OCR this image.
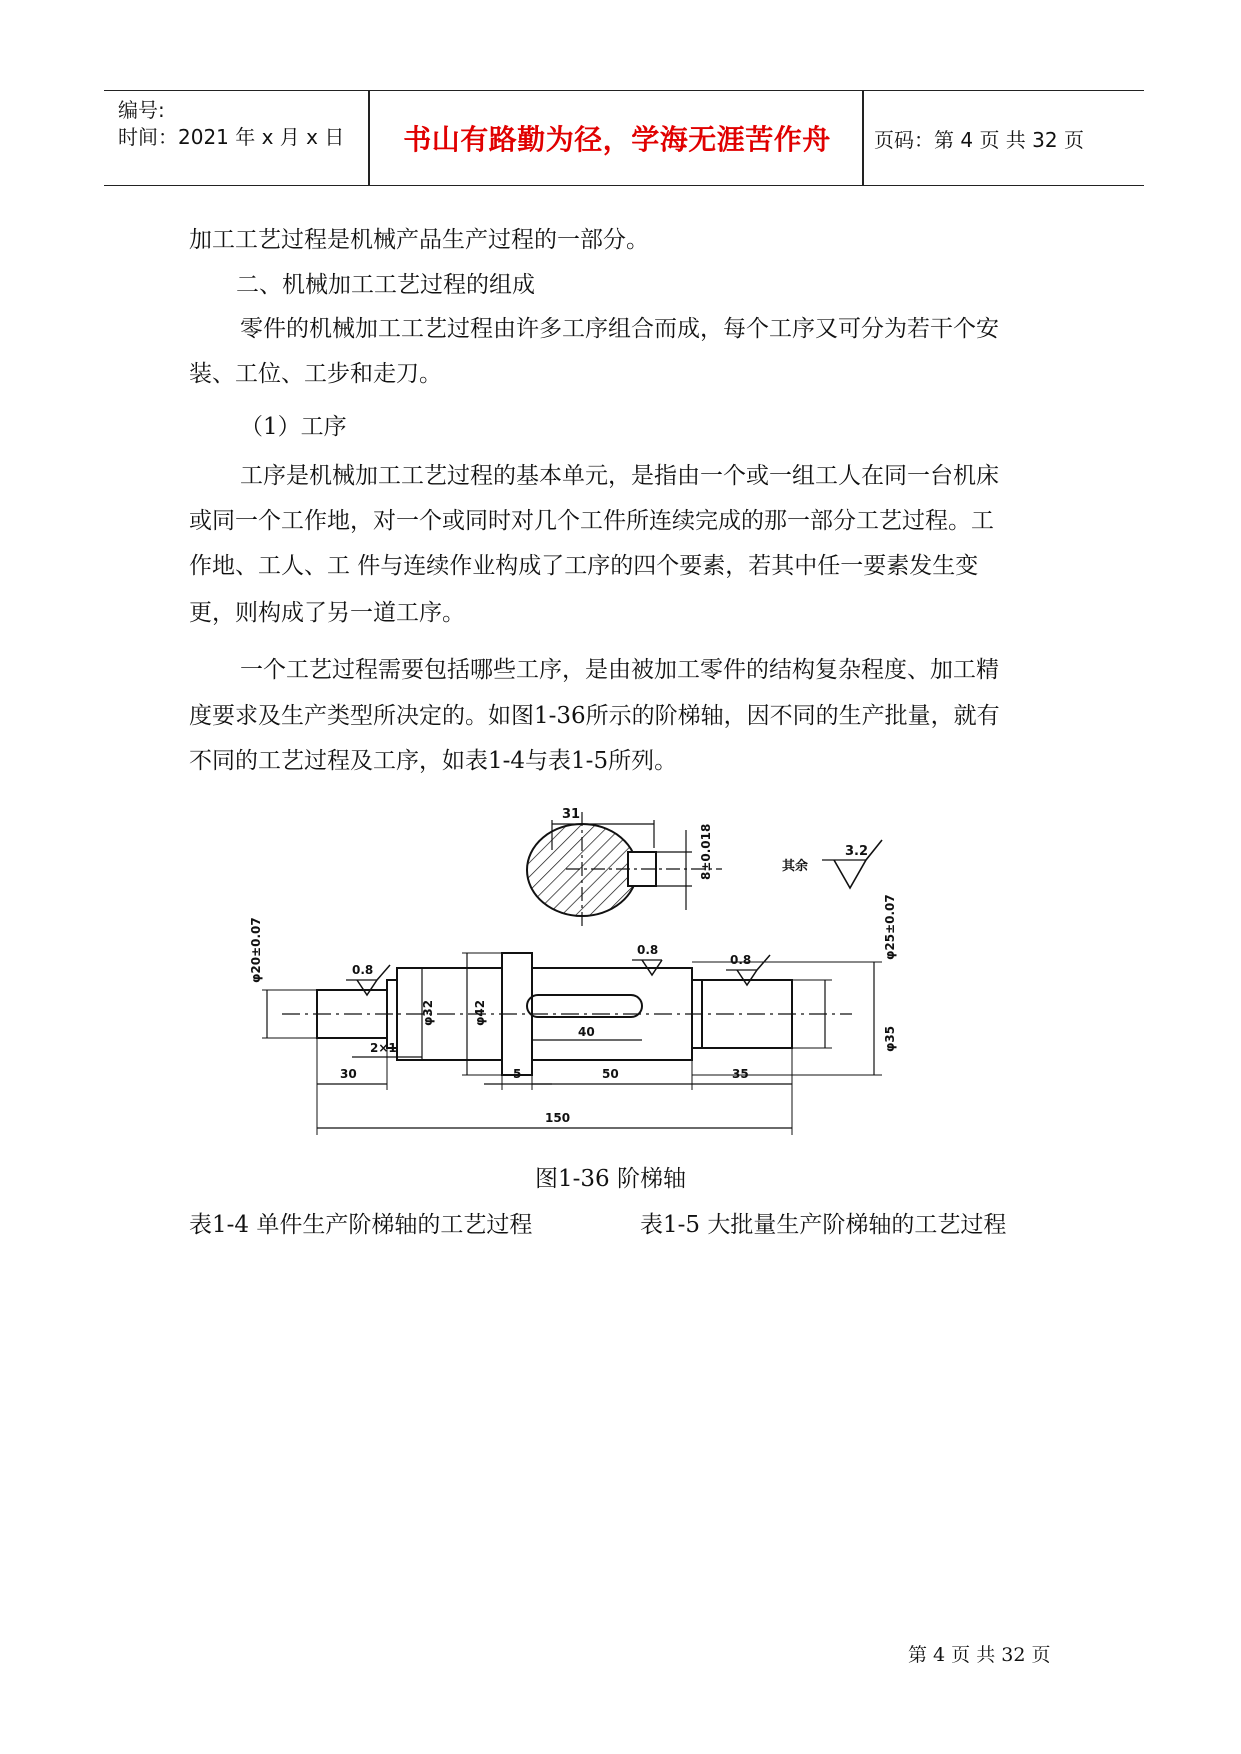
编号:
时间：2021 年 x 月 x 日	书山有路勤为径，学海无涯苦作舟	页码：第 4 页 共 32 页
加工工艺过程是机械产品生产过程的一部分。
二、机械加工工艺过程的组成
零件的机械加工工艺过程由许多工序组合而成，每个工序又可分为若干个安
装、工位、工步和走刀。
（1）工序
工序是机械加工工艺过程的基本单元，是指由一个或一组工人在同一台机床
或同一个工作地，对一个或同时对几个工件所连续完成的那一部分工艺过程。工
作地、工人、工 件与连续作业构成了工序的四个要素，若其中任一要素发生变
更，则构成了另一道工序。
一个工艺过程需要包括哪些工序，是由被加工零件的结构复杂程度、加工精
度要求及生产类型所决定的。如图1-36所示的阶梯轴，因不同的生产批量，就有
不同的工艺过程及工序，如表1-4与表1-5所列。
31
8±0.018	其余
3.2
0.8
0.8
0.8
φ20±0.07
φ32	φ42
φ25±0.07
φ35
2×1
30	5	50	35
40
150
图1-36 阶梯轴
表1-4 单件生产阶梯轴的工艺过程	表1-5 大批量生产阶梯轴的工艺过程
第 4 页 共 32 页
